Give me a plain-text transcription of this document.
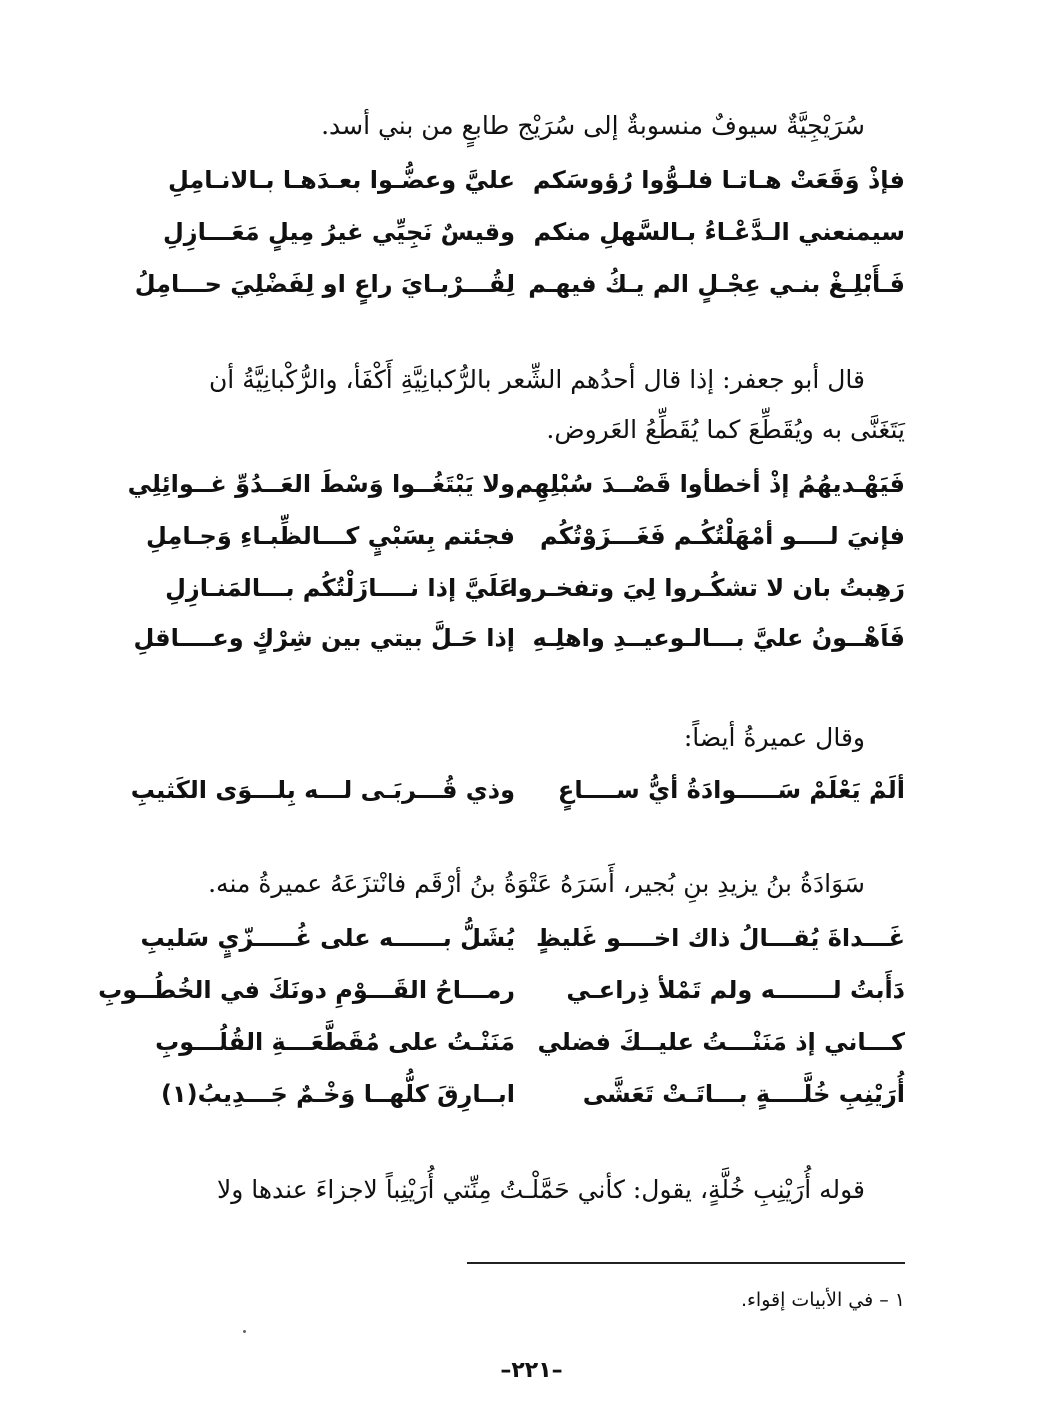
سُرَيْجِيَّةٌ سيوفٌ منسوبةٌ إلى سُرَيْج طابعٍ من بني أسد.
فإذْ وَقَعَتْ هـاتـا فلـوُّوا رُؤوسَكم
عليَّ وعضُّـوا بعـدَهـا بـالانـامِلِ
سيمنعني الـدَّعْـاءُ بـالسَّهلِ منكم
وقيسٌ نَجِيِّي غيرُ مِيلٍ مَعَـــازِلِ
فَـأَبْلِـغْ بنـي عِجْـلٍ الم يـكُ فيهـم
لِقُـــرْبـايَ راعٍ او لِفَضْلِيَ حـــامِلُ
قال أبو جعفر: إذا قال أحدُهم الشِّعر بالرُّكبانِيَّةِ أَكْفَأ، والرُّكْبانِيَّةُ أن
يَتَغَنَّى به ويُقَطِّعَ كما يُقَطِّعُ العَروض.
فَيَهْـديهُمُ إذْ أخطأوا قَصْــدَ سُبْلِهِم
ولا يَبْتَغُــوا وَسْطَ العَــدُوِّ غــوائِلِي
فإنيَ لــــو أمْهَلْتُكُـم فَغَـــزَوْتُكُم
فجئتم بِسَبْيٍ كـــالظِّبـاءِ وَجـامِلِ
رَهِبتُ بان لا تشكُـروا لِيَ وتفخـروا
عَلَيَّ إذا نــــازَلْتُكُم بـــالمَنـازِلِ
فَاَهْــونُ عليَّ بـــالـوعيــدِ واهلِـهِ
إذا حَـلَّ بيتي بين شِرْكٍ وعــــاقلِ
وقال عميرةُ أيضاً:
ألَمْ يَعْلَمْ سَـــــوادَةُ أيُّ ســــاعٍ
وذي قُـــربَـى لـــه بِلـــوَى الكَثيبِ
سَوَادَةُ بنُ يزيدِ بنِ بُجير، أَسَرَهُ عَتْوَةُ بنُ أرْقَم فانْتزَعَهُ عميرةُ منه.
غَـــداةَ يُقـــالُ ذاك اخــــو غَليظٍ
يُشَلُّ بــــــه على غُـــــزّيٍ سَليبِ
دَأَبتُ لـــــــه ولم تَمْلأ ذِراعـي
رمـــاحُ القَـــوْمِ دونَكَ في الخُطُــوبِ
كـــاني إذ مَنَنْـــتُ عليــكَ فضلي
مَنَنْـتُ على مُقَطَّعَـــةِ القُلُـــوبِ
أُرَيْنِبِ خُلَّــــةٍ بـــاتَـتْ تَعَشَّى
ابــارِقَ كلُّهــا وَخْـمٌ جَـــدِيبُ(١)
قوله أُرَيْنِبِ خُلَّةٍ، يقول: كأني حَمَّلْـتُ مِنِّتي أُرَيْنِباً لاجزاءَ عندها ولا
١ – في الأبيات إقواء.
–٢٢١–
